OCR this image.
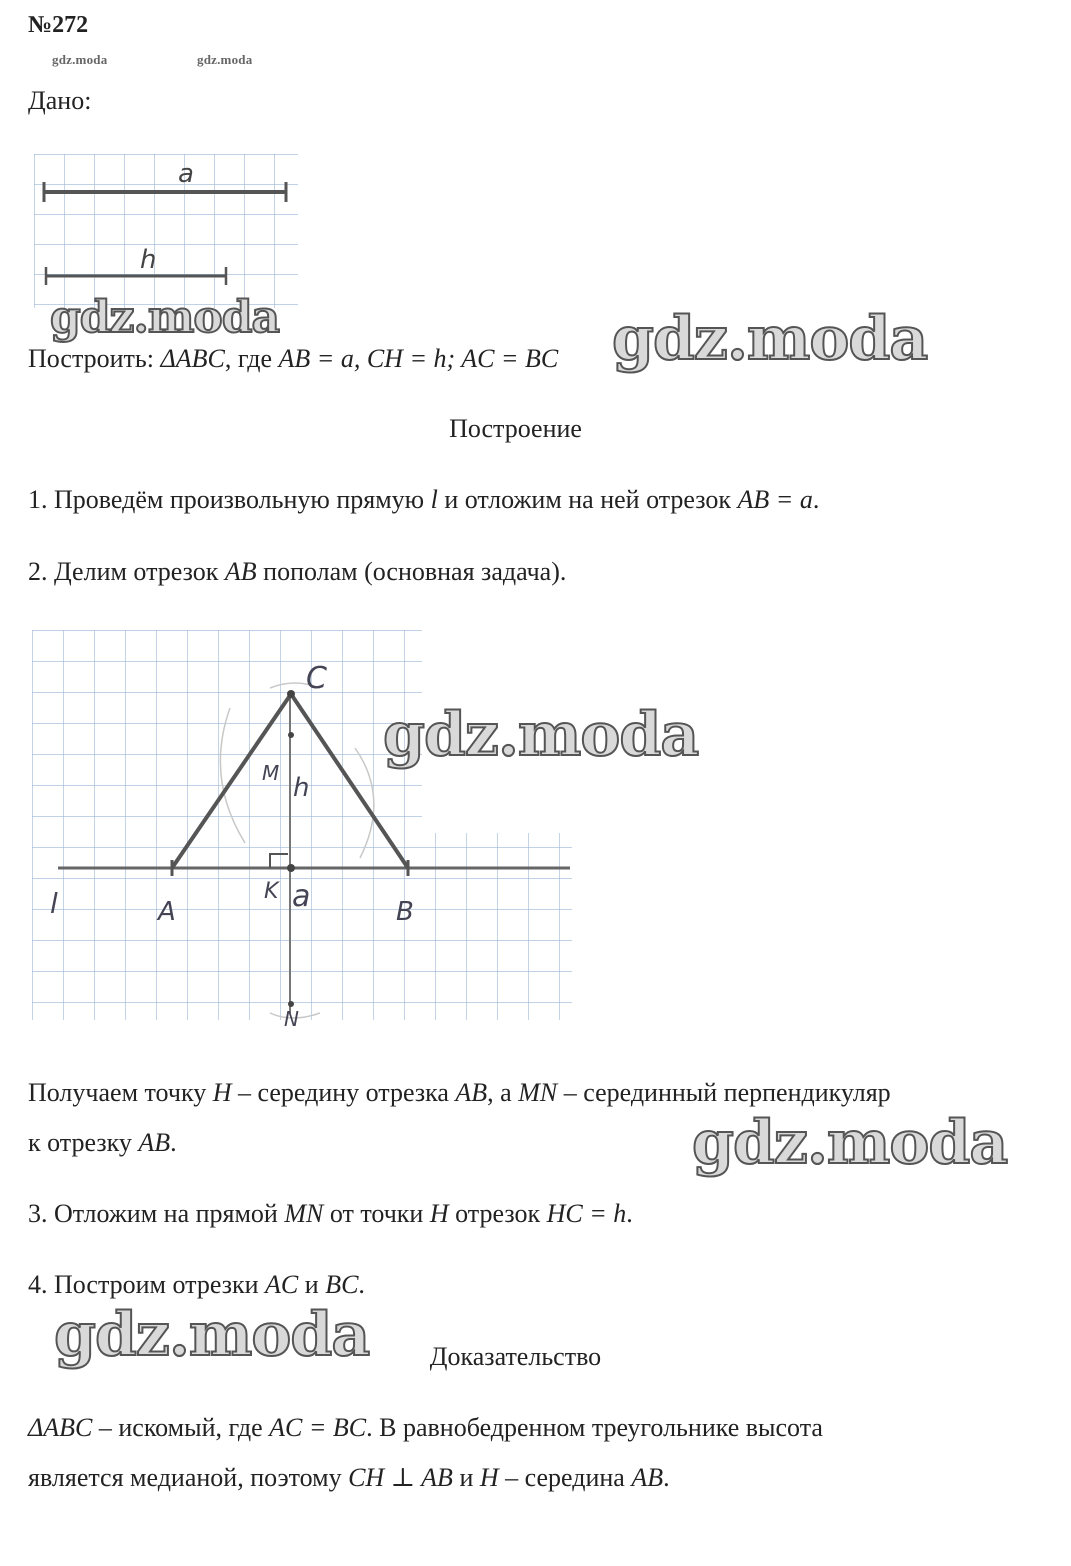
№272
gdz.moda	gdz.moda
Дано:
a
h
gdz.moda
Построить: ΔABC, где AB = a, CH = h; AC = BC gdz.moda
Построение
1. Проведём произвольную прямую l и отложим на ней отрезок AB = a.
2. Делим отрезок AB пополам (основная задача).
C
M h
l	A
K a	B
N
gdz.moda
Получаем точку H – середину отрезка AB, а MN – серединный перпендикуляр
к отрезку AB.	gdz.moda
3. Отложим на прямой MN от точки H отрезок HC = h.
4. Построим отрезки AC и BC.
gdz.moda	Доказательство
ΔABC – искомый, где AC = BC. В равнобедренном треугольнике высота
является медианой, поэтому CH ⊥ AB и H – середина AB.
